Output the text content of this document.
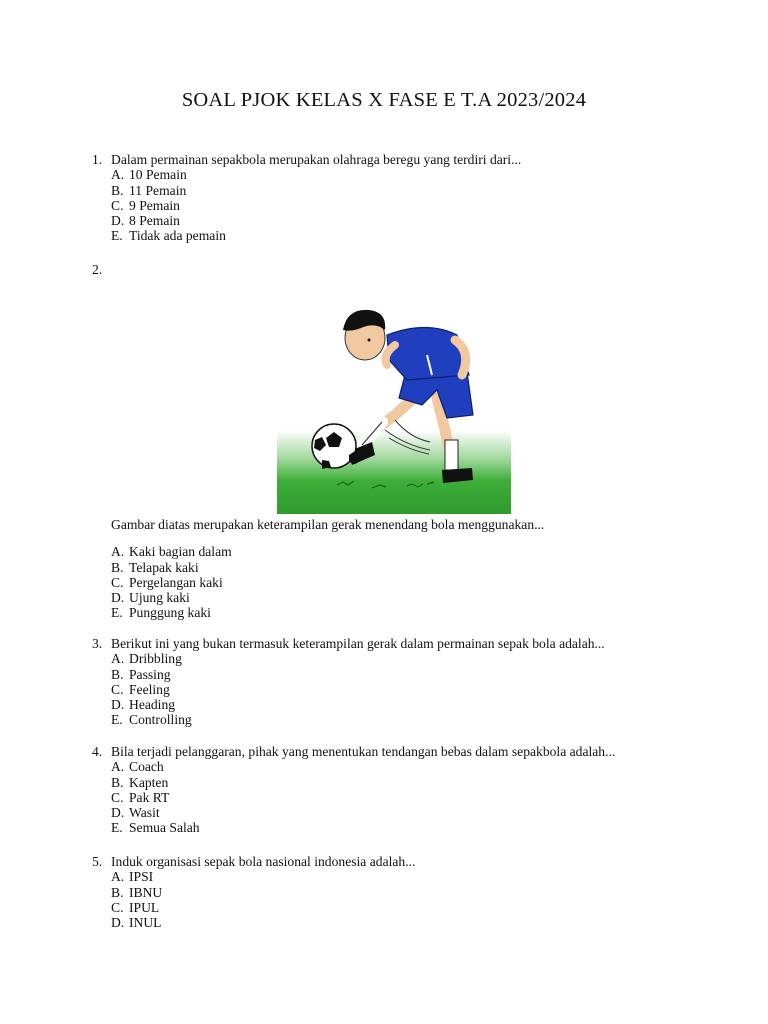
SOAL PJOK KELAS X FASE E T.A 2023/2024
1. Dalam permainan sepakbola merupakan olahraga beregu yang terdiri dari...
A. 10 Pemain
B. 11 Pemain
C. 9 Pemain
D. 8 Pemain
E. Tidak ada pemain
2.
Gambar diatas merupakan keterampilan gerak menendang bola menggunakan...
A. Kaki bagian dalam
B. Telapak kaki
C. Pergelangan kaki
D. Ujung kaki
E. Punggung kaki
3. Berikut ini yang bukan termasuk keterampilan gerak dalam permainan sepak bola adalah...
A. Dribbling
B. Passing
C. Feeling
D. Heading
E. Controlling
4. Bila terjadi pelanggaran, pihak yang menentukan tendangan bebas dalam sepakbola adalah...
A. Coach
B. Kapten
C. Pak RT
D. Wasit
E. Semua Salah
5. Induk organisasi sepak bola nasional indonesia adalah...
A. IPSI
B. IBNU
C. IPUL
D. INUL
